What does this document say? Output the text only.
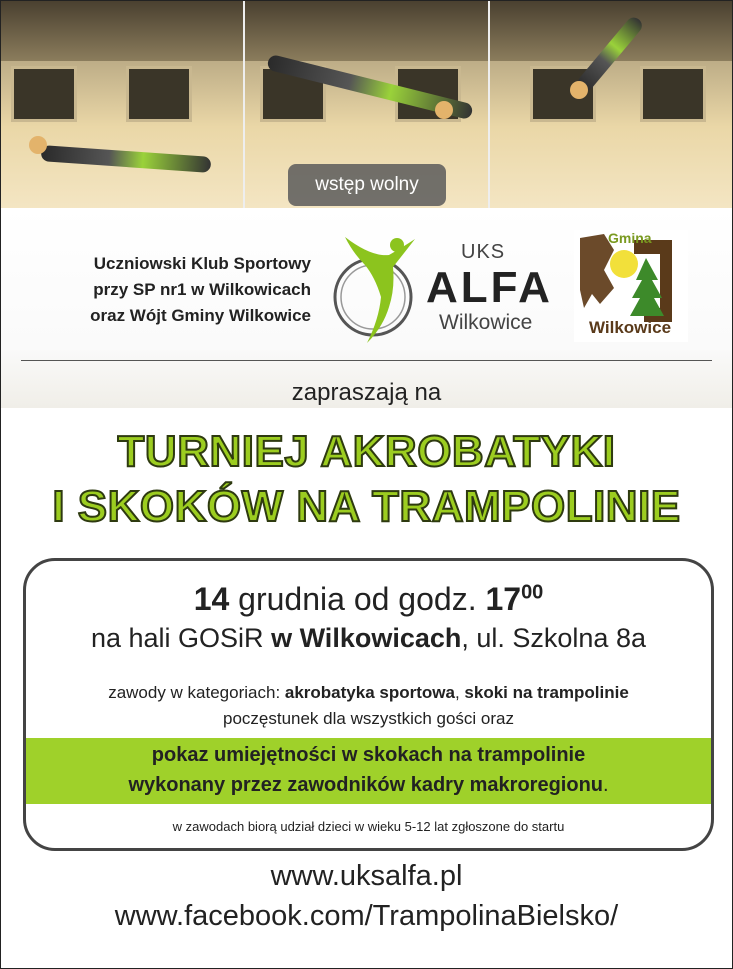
wstęp wolny
Uczniowski Klub Sportowy
przy SP nr1 w Wilkowicach
oraz Wójt Gminy Wilkowice
UKS
ALFA
Wilkowice
Gmina
Wilkowice
zapraszają na
TURNIEJ AKROBATYKI
I SKOKÓW NA TRAMPOLINIE
14 grudnia od godz. $17^{00}$
na hali GOSiR w Wilkowicach, ul. Szkolna 8a
zawody w kategoriach: akrobatyka sportowa, skoki na trampolinie
poczęstunek dla wszystkich gości oraz
pokaz umiejętności w skokach na trampolinie
wykonany przez zawodników kadry makroregionu.
w zawodach biorą udział dzieci w wieku 5-12 lat zgłoszone do startu
www.uksalfa.pl
www.facebook.com/TrampolinaBielsko/
